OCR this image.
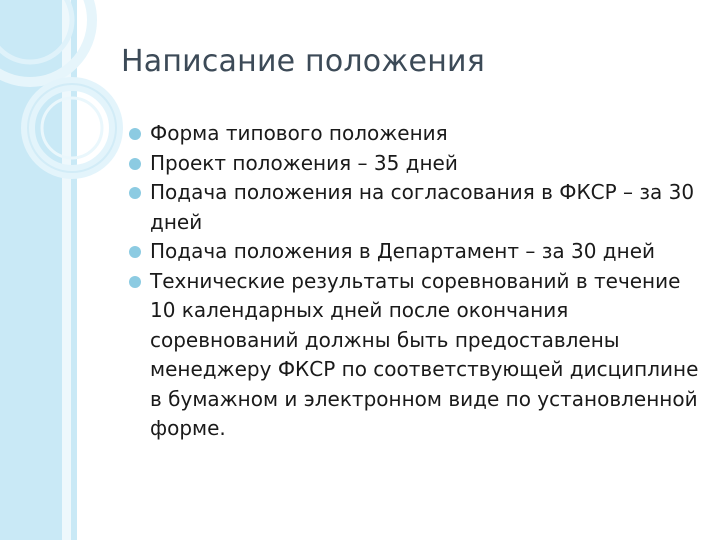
Написание положения
Форма типового положения
Проект положения – 35 дней
Подача положения на согласования в ФКСР – за 30 дней
Подача положения в Департамент – за 30 дней
Технические результаты соревнований в течение 10 календарных дней после окончания соревнований должны быть предоставлены менеджеру ФКСР по соответствующей дисциплине в бумажном и электронном виде по установленной форме.
